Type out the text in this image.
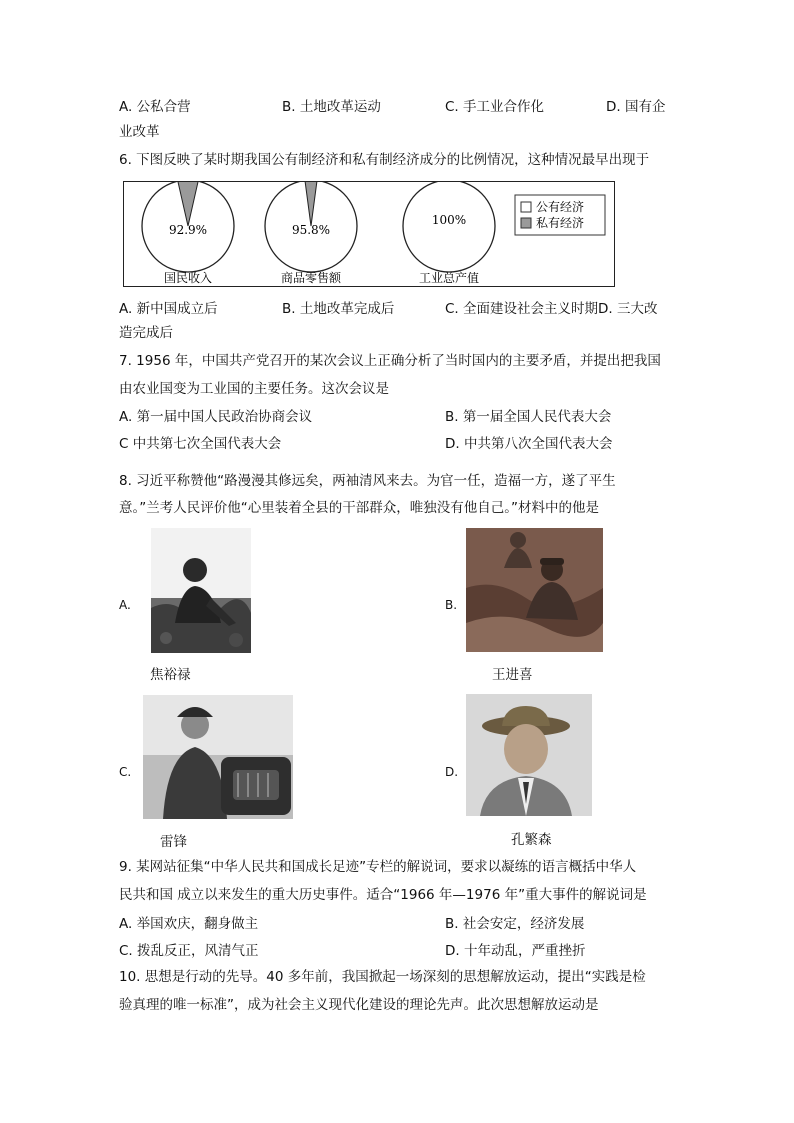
A. 公私合营	B. 土地改革运动	C. 手工业合作化	D. 国有企
业改革
6. 下图反映了某时期我国公有制经济和私有制经济成分的比例情况，这种情况最早出现于
92.9%
国民收入
95.8%
商品零售额
100%
工业总产值
公有经济
私有经济
A. 新中国成立后	B. 土地改革完成后	C. 全面建设社会主义时期D. 三大改
造完成后
7. 1956 年，中国共产党召开的某次会议上正确分析了当时国内的主要矛盾，并提出把我国
由农业国变为工业国的主要任务。这次会议是
A. 第一届中国人民政治协商会议	B. 第一届全国人民代表大会
C 中共第七次全国代表大会	D. 中共第八次全国代表大会
8. 习近平称赞他“路漫漫其修远矣，两袖清风来去。为官一任，造福一方，遂了平生
意。”兰考人民评价他“心里装着全县的干部群众，唯独没有他自己。”材料中的他是
A.
焦裕禄
B.
王进喜
C.
雷锋
D.
孔繁森
9. 某网站征集“中华人民共和国成长足迹”专栏的解说词，要求以凝练的语言概括中华人
民共和国 成立以来发生的重大历史事件。适合“1966 年—1976 年”重大事件的解说词是
A. 举国欢庆，翻身做主	B. 社会安定，经济发展
C. 拨乱反正，风清气正	D. 十年动乱，严重挫折
10. 思想是行动的先导。40 多年前，我国掀起一场深刻的思想解放运动，提出“实践是检
验真理的唯一标准”，成为社会主义现代化建设的理论先声。此次思想解放运动是
